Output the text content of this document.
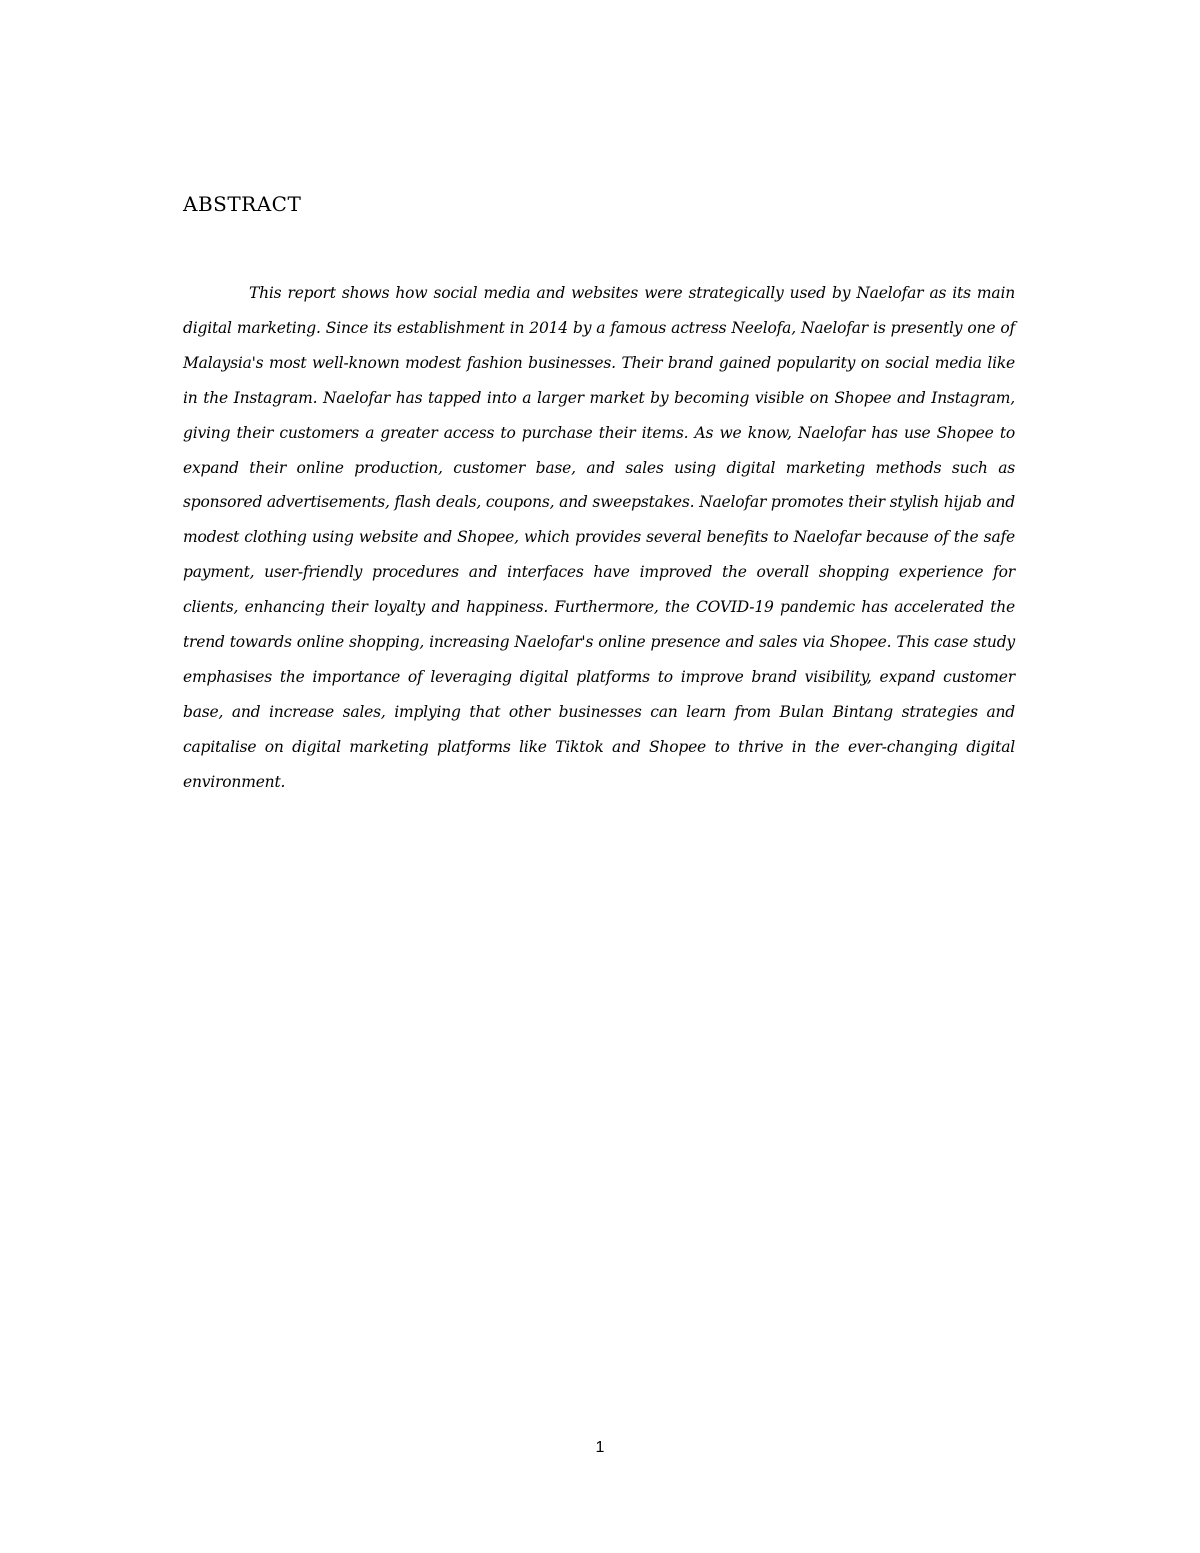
ABSTRACT

This report shows how social media and websites were strategically used by Naelofar as its main digital marketing. Since its establishment in 2014 by a famous actress Neelofa, Naelofar is presently one of Malaysia's most well-known modest fashion businesses. Their brand gained popularity on social media like in the Instagram. Naelofar has tapped into a larger market by becoming visible on Shopee and Instagram, giving their customers a greater access to purchase their items. As we know, Naelofar has use Shopee to expand their online production, customer base, and sales using digital marketing methods such as sponsored advertisements, flash deals, coupons, and sweepstakes. Naelofar promotes their stylish hijab and modest clothing using website and Shopee, which provides several benefits to Naelofar because of the safe payment, user-friendly procedures and interfaces have improved the overall shopping experience for clients, enhancing their loyalty and happiness. Furthermore, the COVID-19 pandemic has accelerated the trend towards online shopping, increasing Naelofar's online presence and sales via Shopee. This case study emphasises the importance of leveraging digital platforms to improve brand visibility, expand customer base, and increase sales, implying that other businesses can learn from Bulan Bintang strategies and capitalise on digital marketing platforms like Tiktok and Shopee to thrive in the ever-changing digital environment.

1
